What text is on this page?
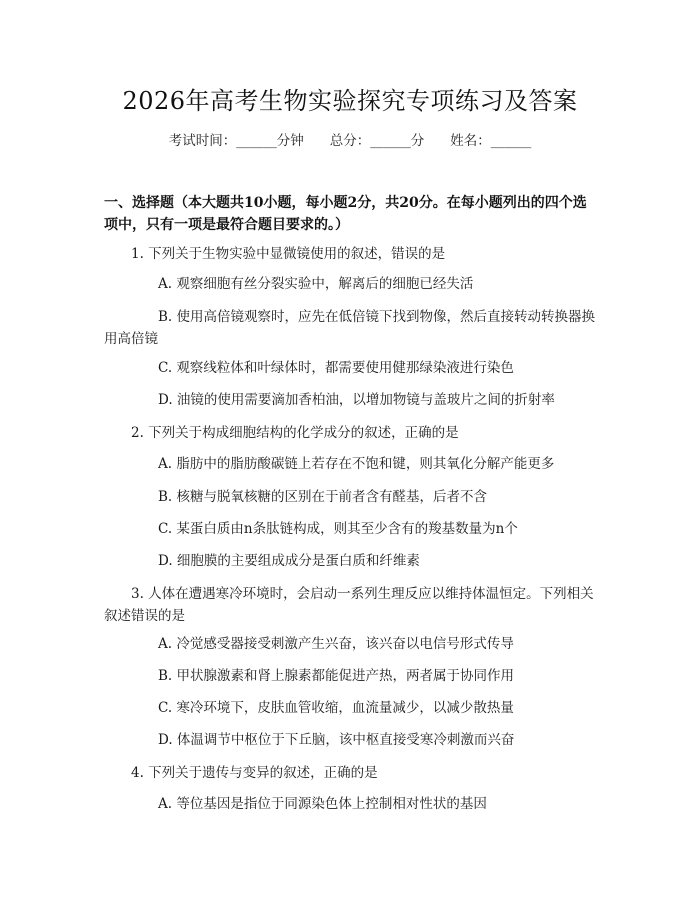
2026年高考生物实验探究专项练习及答案
考试时间：______分钟 总分：______分 姓名：______
一、选择题（本大题共10小题，每小题2分，共20分。在每小题列出的四个选项中，只有一项是最符合题目要求的。）
1. 下列关于生物实验中显微镜使用的叙述，错误的是
A. 观察细胞有丝分裂实验中，解离后的细胞已经失活
B. 使用高倍镜观察时，应先在低倍镜下找到物像，然后直接转动转换器换用高倍镜
C. 观察线粒体和叶绿体时，都需要使用健那绿染液进行染色
D. 油镜的使用需要滴加香柏油，以增加物镜与盖玻片之间的折射率
2. 下列关于构成细胞结构的化学成分的叙述，正确的是
A. 脂肪中的脂肪酸碳链上若存在不饱和键，则其氧化分解产能更多
B. 核糖与脱氧核糖的区别在于前者含有醛基，后者不含
C. 某蛋白质由n条肽链构成，则其至少含有的羧基数量为n个
D. 细胞膜的主要组成成分是蛋白质和纤维素
3. 人体在遭遇寒冷环境时，会启动一系列生理反应以维持体温恒定。下列相关叙述错误的是
A. 冷觉感受器接受刺激产生兴奋，该兴奋以电信号形式传导
B. 甲状腺激素和肾上腺素都能促进产热，两者属于协同作用
C. 寒冷环境下，皮肤血管收缩，血流量减少，以减少散热量
D. 体温调节中枢位于下丘脑，该中枢直接受寒冷刺激而兴奋
4. 下列关于遗传与变异的叙述，正确的是
A. 等位基因是指位于同源染色体上控制相对性状的基因
